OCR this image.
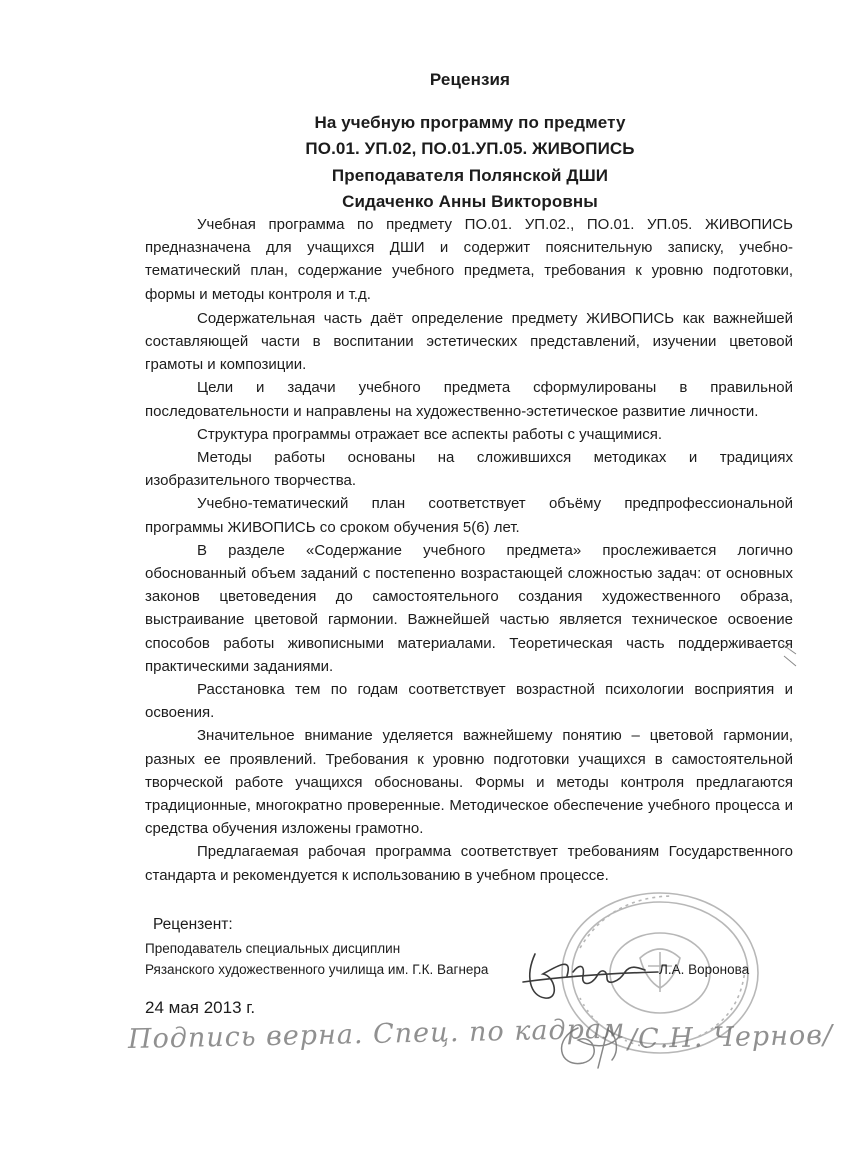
Рецензия
На учебную программу по предмету
ПО.01. УП.02, ПО.01.УП.05. ЖИВОПИСЬ
Преподавателя Полянской ДШИ
Сидаченко Анны Викторовны

Учебная программа по предмету ПО.01. УП.02., ПО.01. УП.05. ЖИВОПИСЬ предназначена для учащихся ДШИ и содержит пояснительную записку, учебно-тематический план, содержание учебного предмета, требования к уровню подготовки, формы и методы контроля и т.д.

Содержательная часть даёт определение предмету ЖИВОПИСЬ как важнейшей составляющей части в воспитании эстетических представлений, изучении цветовой грамоты и композиции.

Цели и задачи учебного предмета сформулированы в правильной последовательности и направлены на художественно-эстетическое развитие личности.

Структура программы отражает все аспекты работы с учащимися.

Методы работы основаны на сложившихся методиках и традициях изобразительного творчества.

Учебно-тематический план соответствует объёму предпрофессиональной программы ЖИВОПИСЬ со сроком обучения 5(6) лет.

В разделе «Содержание учебного предмета» прослеживается логично обоснованный объем заданий с постепенно возрастающей сложностью задач: от основных законов цветоведения до самостоятельного создания художественного образа, выстраивание цветовой гармонии. Важнейшей частью является техническое освоение способов работы живописными материалами. Теоретическая часть поддерживается практическими заданиями.

Расстановка тем по годам соответствует возрастной психологии восприятия и освоения.

Значительное внимание уделяется важнейшему понятию – цветовой гармонии, разных ее проявлений. Требования к уровню подготовки учащихся в самостоятельной творческой работе учащихся обоснованы. Формы и методы контроля предлагаются традиционные, многократно проверенные. Методическое обеспечение учебного процесса и средства обучения изложены грамотно.

Предлагаемая рабочая программа соответствует требованиям Государственного стандарта и рекомендуется к использованию в учебном процессе.

Рецензент:
Преподаватель специальных дисциплин
Рязанского художественного училища им. Г.К. Вагнера	Л.А. Воронова
24 мая 2013 г.
Подпись верна. Спец. по кадрам /С.Н. Чернов/
